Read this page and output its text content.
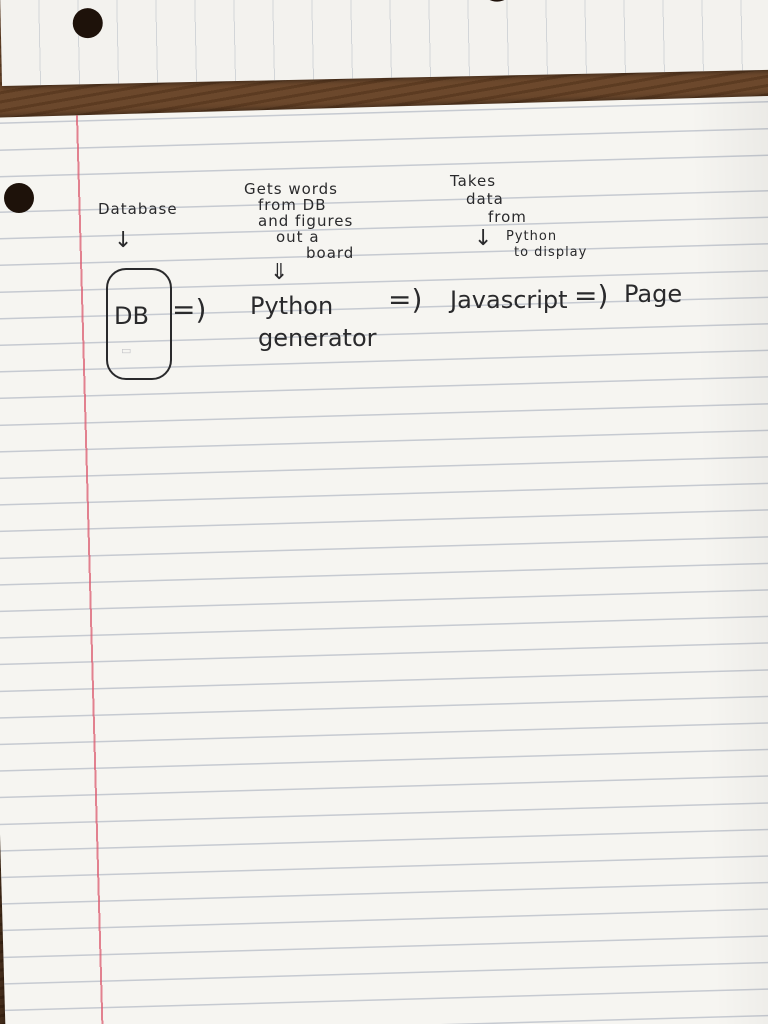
Database
↓
DB
▭
=)
Gets words
from DB
and figures
out a
board
⇓
Python
generator
=)
Takes
data
from
↓ Python
to display
Javascript =) Page
